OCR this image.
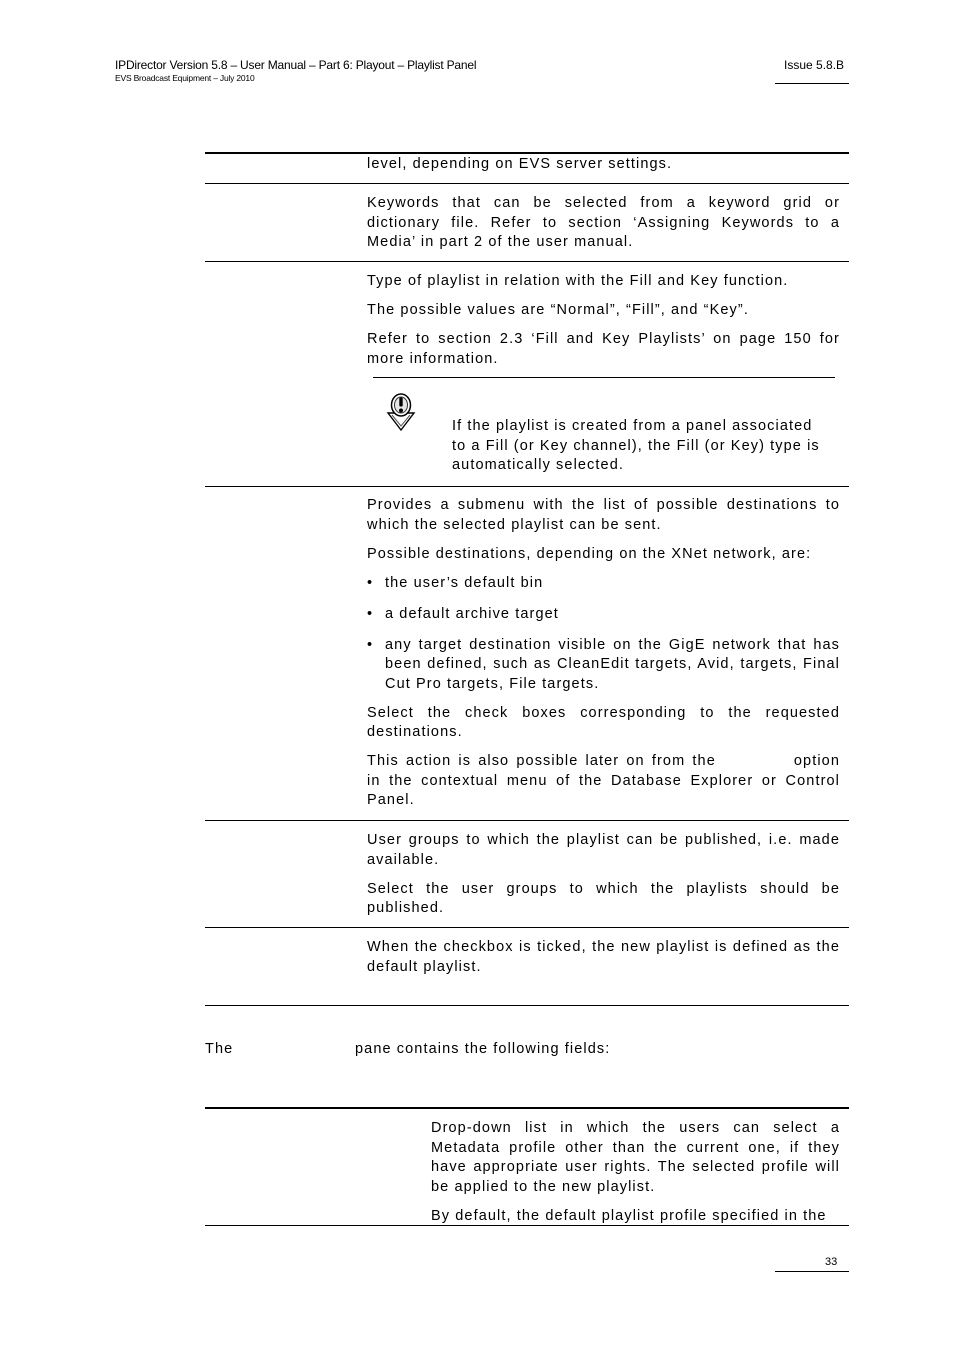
IPDirector Version 5.8 – User Manual – Part 6: Playout – Playlist Panel
EVS Broadcast Equipment – July 2010
Issue 5.8.B

level, depending on EVS server settings.

Keywords that can be selected from a keyword grid or dictionary file. Refer to section ‘Assigning Keywords to a Media’ in part 2 of the user manual.

Type of playlist in relation with the Fill and Key function.

The possible values are “Normal”, “Fill”, and “Key”.

Refer to section 2.3 ‘Fill and Key Playlists’ on page 150 for more information.

If the playlist is created from a panel associated to a Fill (or Key channel), the Fill (or Key) type is automatically selected.

Provides a submenu with the list of possible destinations to which the selected playlist can be sent.

Possible destinations, depending on the XNet network, are:

• the user’s default bin
• a default archive target
• any target destination visible on the GigE network that has been defined, such as CleanEdit targets, Avid, targets, Final Cut Pro targets, File targets.

Select the check boxes corresponding to the requested destinations.

This action is also possible later on from the	option in the contextual menu of the Database Explorer or Control Panel.

User groups to which the playlist can be published, i.e. made available.

Select the user groups to which the playlists should be published.

When the checkbox is ticked, the new playlist is defined as the default playlist.

The	pane contains the following fields:

Drop-down list in which the users can select a Metadata profile other than the current one, if they have appropriate user rights. The selected profile will be applied to the new playlist.

By default, the default playlist profile specified in the

33
